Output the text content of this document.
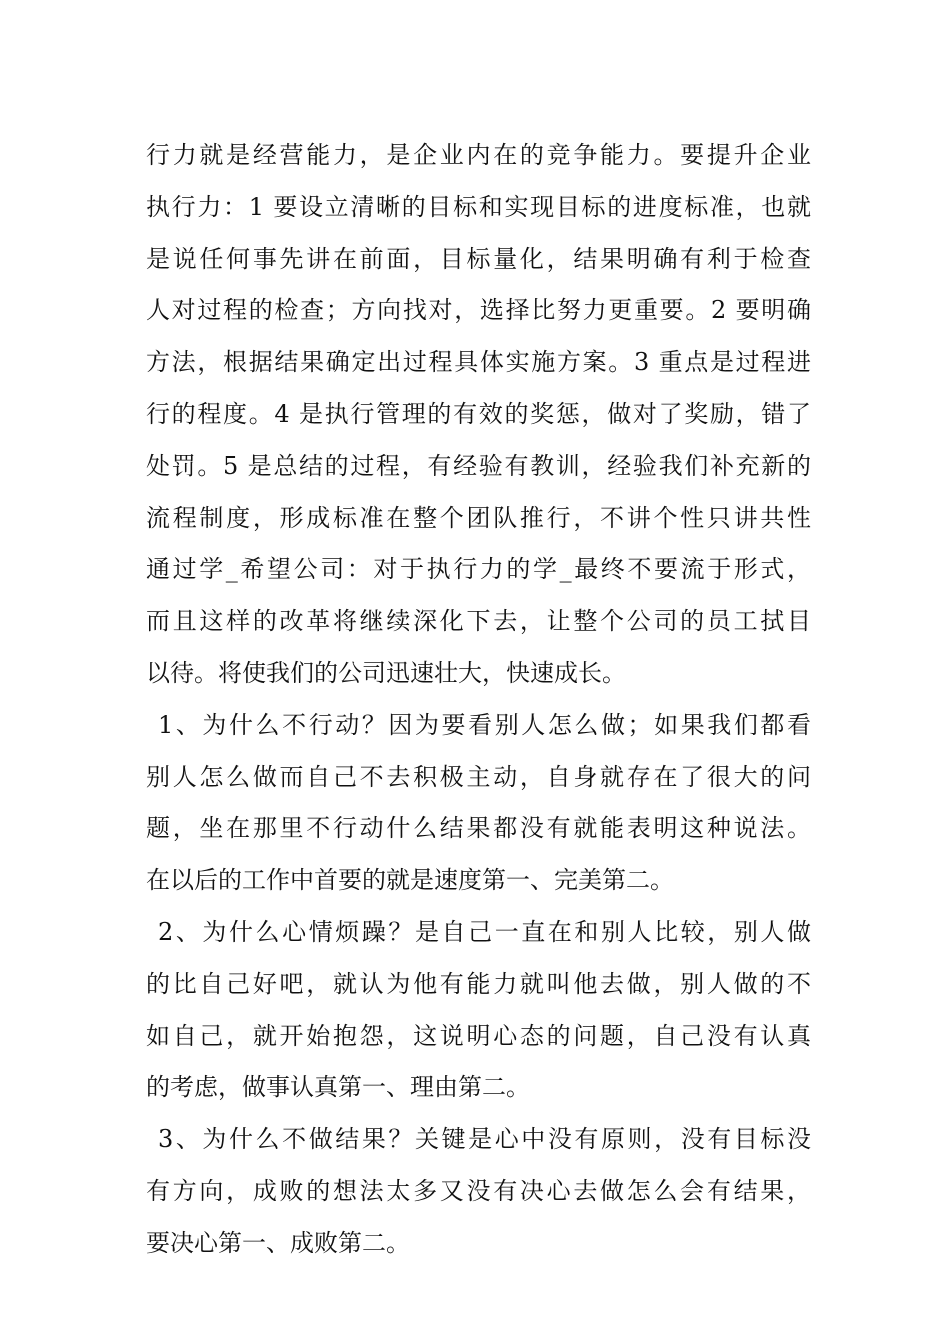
行力就是经营能力，是企业内在的竞争能力。要提升企业
执行力：1 要设立清晰的目标和实现目标的进度标准，也就
是说任何事先讲在前面，目标量化，结果明确有利于检查
人对过程的检查；方向找对，选择比努力更重要。2 要明确
方法，根据结果确定出过程具体实施方案。3 重点是过程进
行的程度。4 是执行管理的有效的奖惩，做对了奖励，错了
处罚。5 是总结的过程，有经验有教训，经验我们补充新的
流程制度，形成标准在整个团队推行，不讲个性只讲共性
通过学_希望公司：对于执行力的学_最终不要流于形式，
而且这样的改革将继续深化下去，让整个公司的员工拭目
以待。将使我们的公司迅速壮大，快速成长。
1、为什么不行动？因为要看别人怎么做；如果我们都看
别人怎么做而自己不去积极主动，自身就存在了很大的问
题，坐在那里不行动什么结果都没有就能表明这种说法。
在以后的工作中首要的就是速度第一、完美第二。
2、为什么心情烦躁？是自己一直在和别人比较，别人做
的比自己好吧，就认为他有能力就叫他去做，别人做的不
如自己，就开始抱怨，这说明心态的问题，自己没有认真
的考虑，做事认真第一、理由第二。
3、为什么不做结果？关键是心中没有原则，没有目标没
有方向，成败的想法太多又没有决心去做怎么会有结果，
要决心第一、成败第二。
